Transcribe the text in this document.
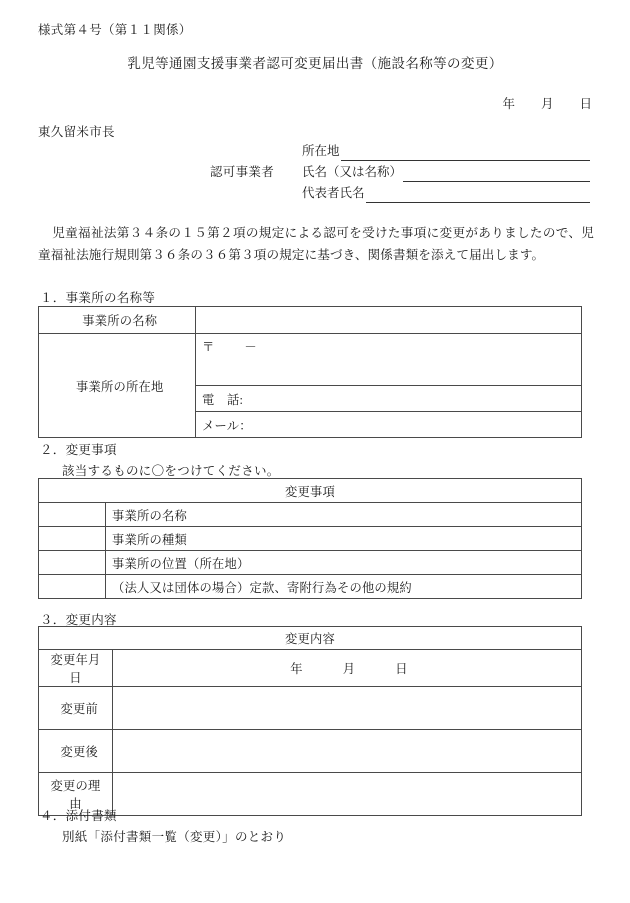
様式第４号（第１１関係）
乳児等通園支援事業者認可変更届出書（施設名称等の変更）
年 月 日
東久留米市長
所在地
認可事業者	氏名（又は名称）
代表者氏名
児童福祉法第３４条の１５第２項の規定による認可を受けた事項に変更がありましたので、児童福祉法施行規則第３６条の３６第３項の規定に基づき、関係書類を添えて届出します。
１．事業所の名称等
事業所の名称	
事業所の所在地	〒 －
	電　話:
	メール：
２．変更事項
該当するものに〇をつけてください。
変更事項	
	事業所の名称
	事業所の種類
	事業所の位置（所在地）
	（法人又は団体の場合）定款、寄附行為その他の規約
３．変更内容
変更内容	
変更年月日	年 月 日
変更前	
変更後	
変更の理由	
４．添付書類
別紙「添付書類一覧（変更）」のとおり
